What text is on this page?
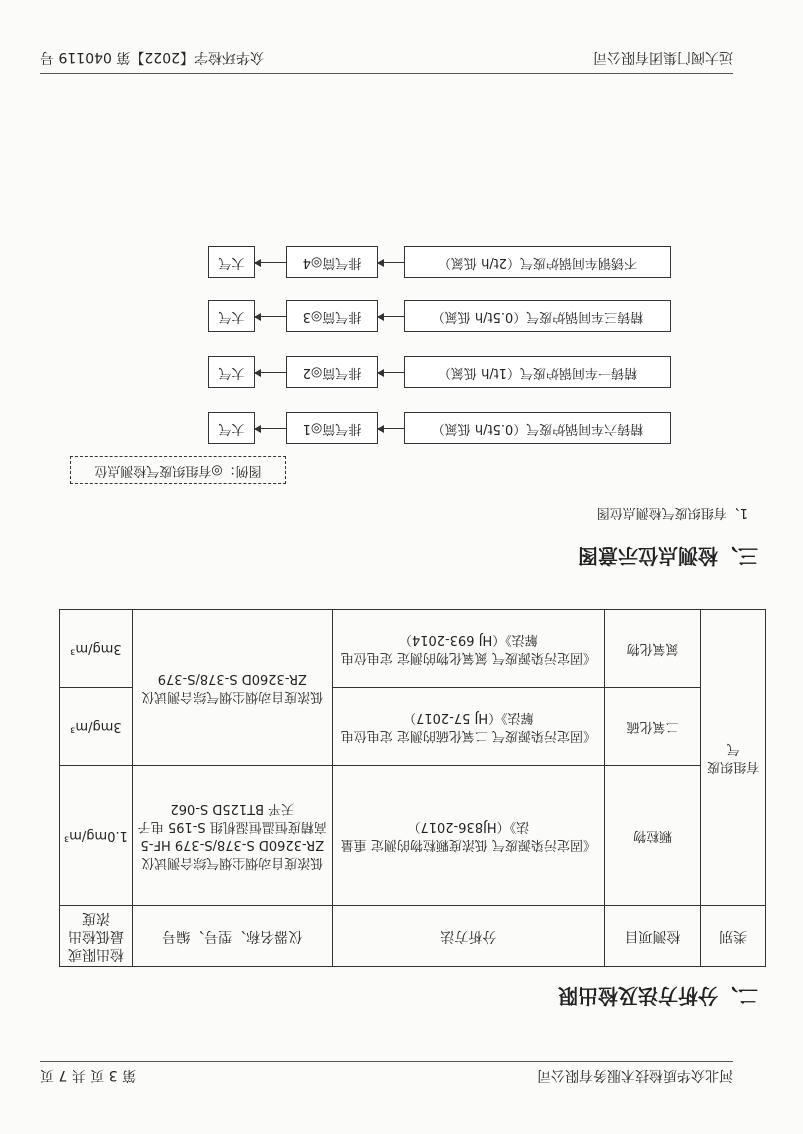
河北众华质检技术服务有限公司
第 3 页 共 7 页
二、分析方法及检出限
类别	检测项目	分析方法	仪器名称、型号、编号	检出限或最低检出浓度
有组织废气	颗粒物	《固定污染源废气 低浓度颗粒物的测定 重量法》（HJ836-2017）	低浓度自动烟尘烟气综合测试仪 ZR-3260D S-378/S-379 HF-5 高精度恒温恒湿机组 S-195 电子天平 BT125D S-062	1.0mg/m³
	二氧化硫	《固定污染源废气 二氧化硫的测定 定电位电解法》（HJ 57-2017）	低浓度自动烟尘烟气综合测试仪 ZR-3260D S-378/S-379	3mg/m³
	氮氧化物	《固定污染源废气 氮氧化物的测定 定电位电解法》（HJ 693-2014）		3mg/m³
三、检测点位示意图
1、有组织废气检测点位图
图例：◎有组织废气检测点位
精铸六车间锅炉废气（0.5t/h 低氮）
排气筒◎1
大气
精铸一车间锅炉废气（1t/h 低氮）
排气筒◎2
大气
精铸三车间锅炉废气（0.5t/h 低氮）
排气筒◎3
大气
不锈钢车间锅炉废气（2t/h 低氮）
排气筒◎4
大气
远大阀门集团有限公司
众华环检字【2022】第 040119 号
